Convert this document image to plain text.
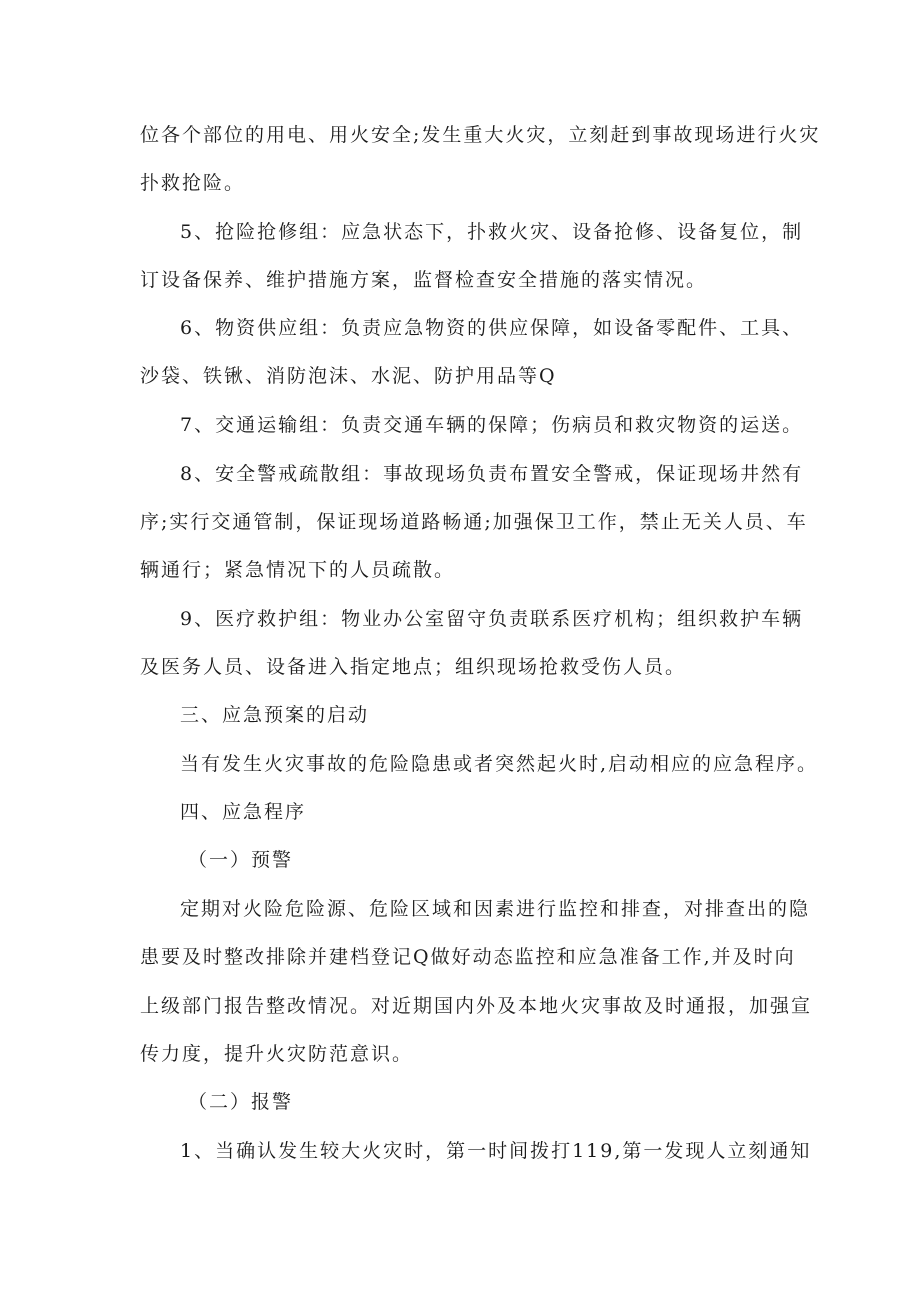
位各个部位的用电、用火安全;发生重大火灾，立刻赶到事故现场进行火灾
扑救抢险。
5、抢险抢修组：应急状态下，扑救火灾、设备抢修、设备复位，制
订设备保养、维护措施方案，监督检查安全措施的落实情况。
6、物资供应组：负责应急物资的供应保障，如设备零配件、工具、
沙袋、铁锹、消防泡沫、水泥、防护用品等Q
7、交通运输组：负责交通车辆的保障；伤病员和救灾物资的运送。
8、安全警戒疏散组：事故现场负责布置安全警戒，保证现场井然有
序;实行交通管制，保证现场道路畅通;加强保卫工作，禁止无关人员、车
辆通行；紧急情况下的人员疏散。
9、医疗救护组：物业办公室留守负责联系医疗机构；组织救护车辆
及医务人员、设备进入指定地点；组织现场抢救受伤人员。
三、应急预案的启动
当有发生火灾事故的危险隐患或者突然起火时,启动相应的应急程序。
四、应急程序
（一）预警
定期对火险危险源、危险区域和因素进行监控和排查，对排查出的隐
患要及时整改排除并建档登记Q做好动态监控和应急准备工作,并及时向
上级部门报告整改情况。对近期国内外及本地火灾事故及时通报，加强宣
传力度，提升火灾防范意识。
（二）报警
1、当确认发生较大火灾时，第一时间拨打119,第一发现人立刻通知
